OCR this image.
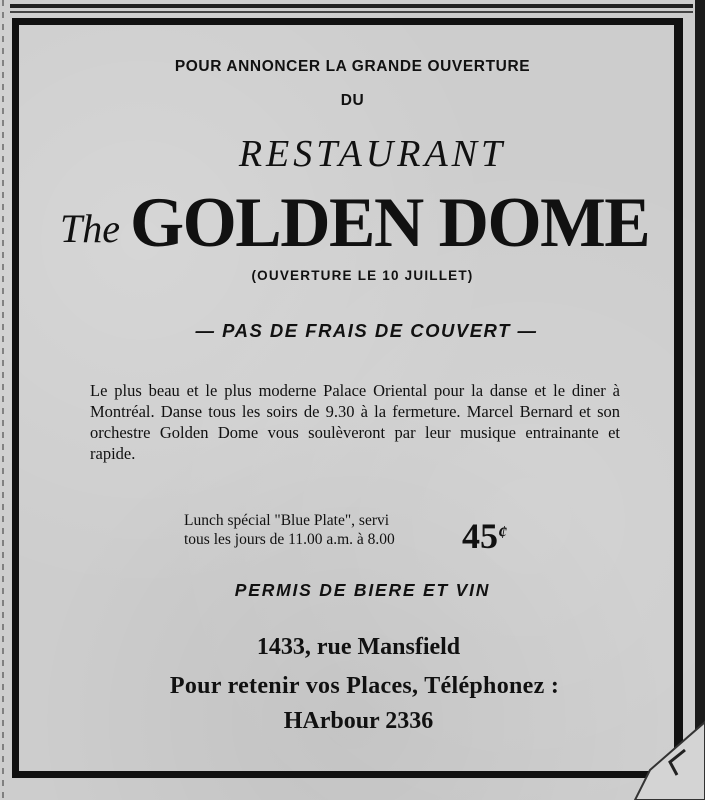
POUR ANNONCER LA GRANDE OUVERTURE
DU
RESTAURANT
The GOLDEN DOME
(OUVERTURE LE 10 JUILLET)
— PAS DE FRAIS DE COUVERT —
Le plus beau et le plus moderne Palace Oriental pour la danse et le diner à Montréal. Danse tous les soirs de 9.30 à la fermeture. Marcel Bernard et son orchestre Golden Dome vous soulèveront par leur musique entrainante et rapide.
Lunch spécial "Blue Plate", servi
tous les jours de 11.00 a.m. à 8.00	45¢
PERMIS DE BIERE ET VIN
1433, rue Mansfield
Pour retenir vos Places, Téléphonez :
HArbour 2336
